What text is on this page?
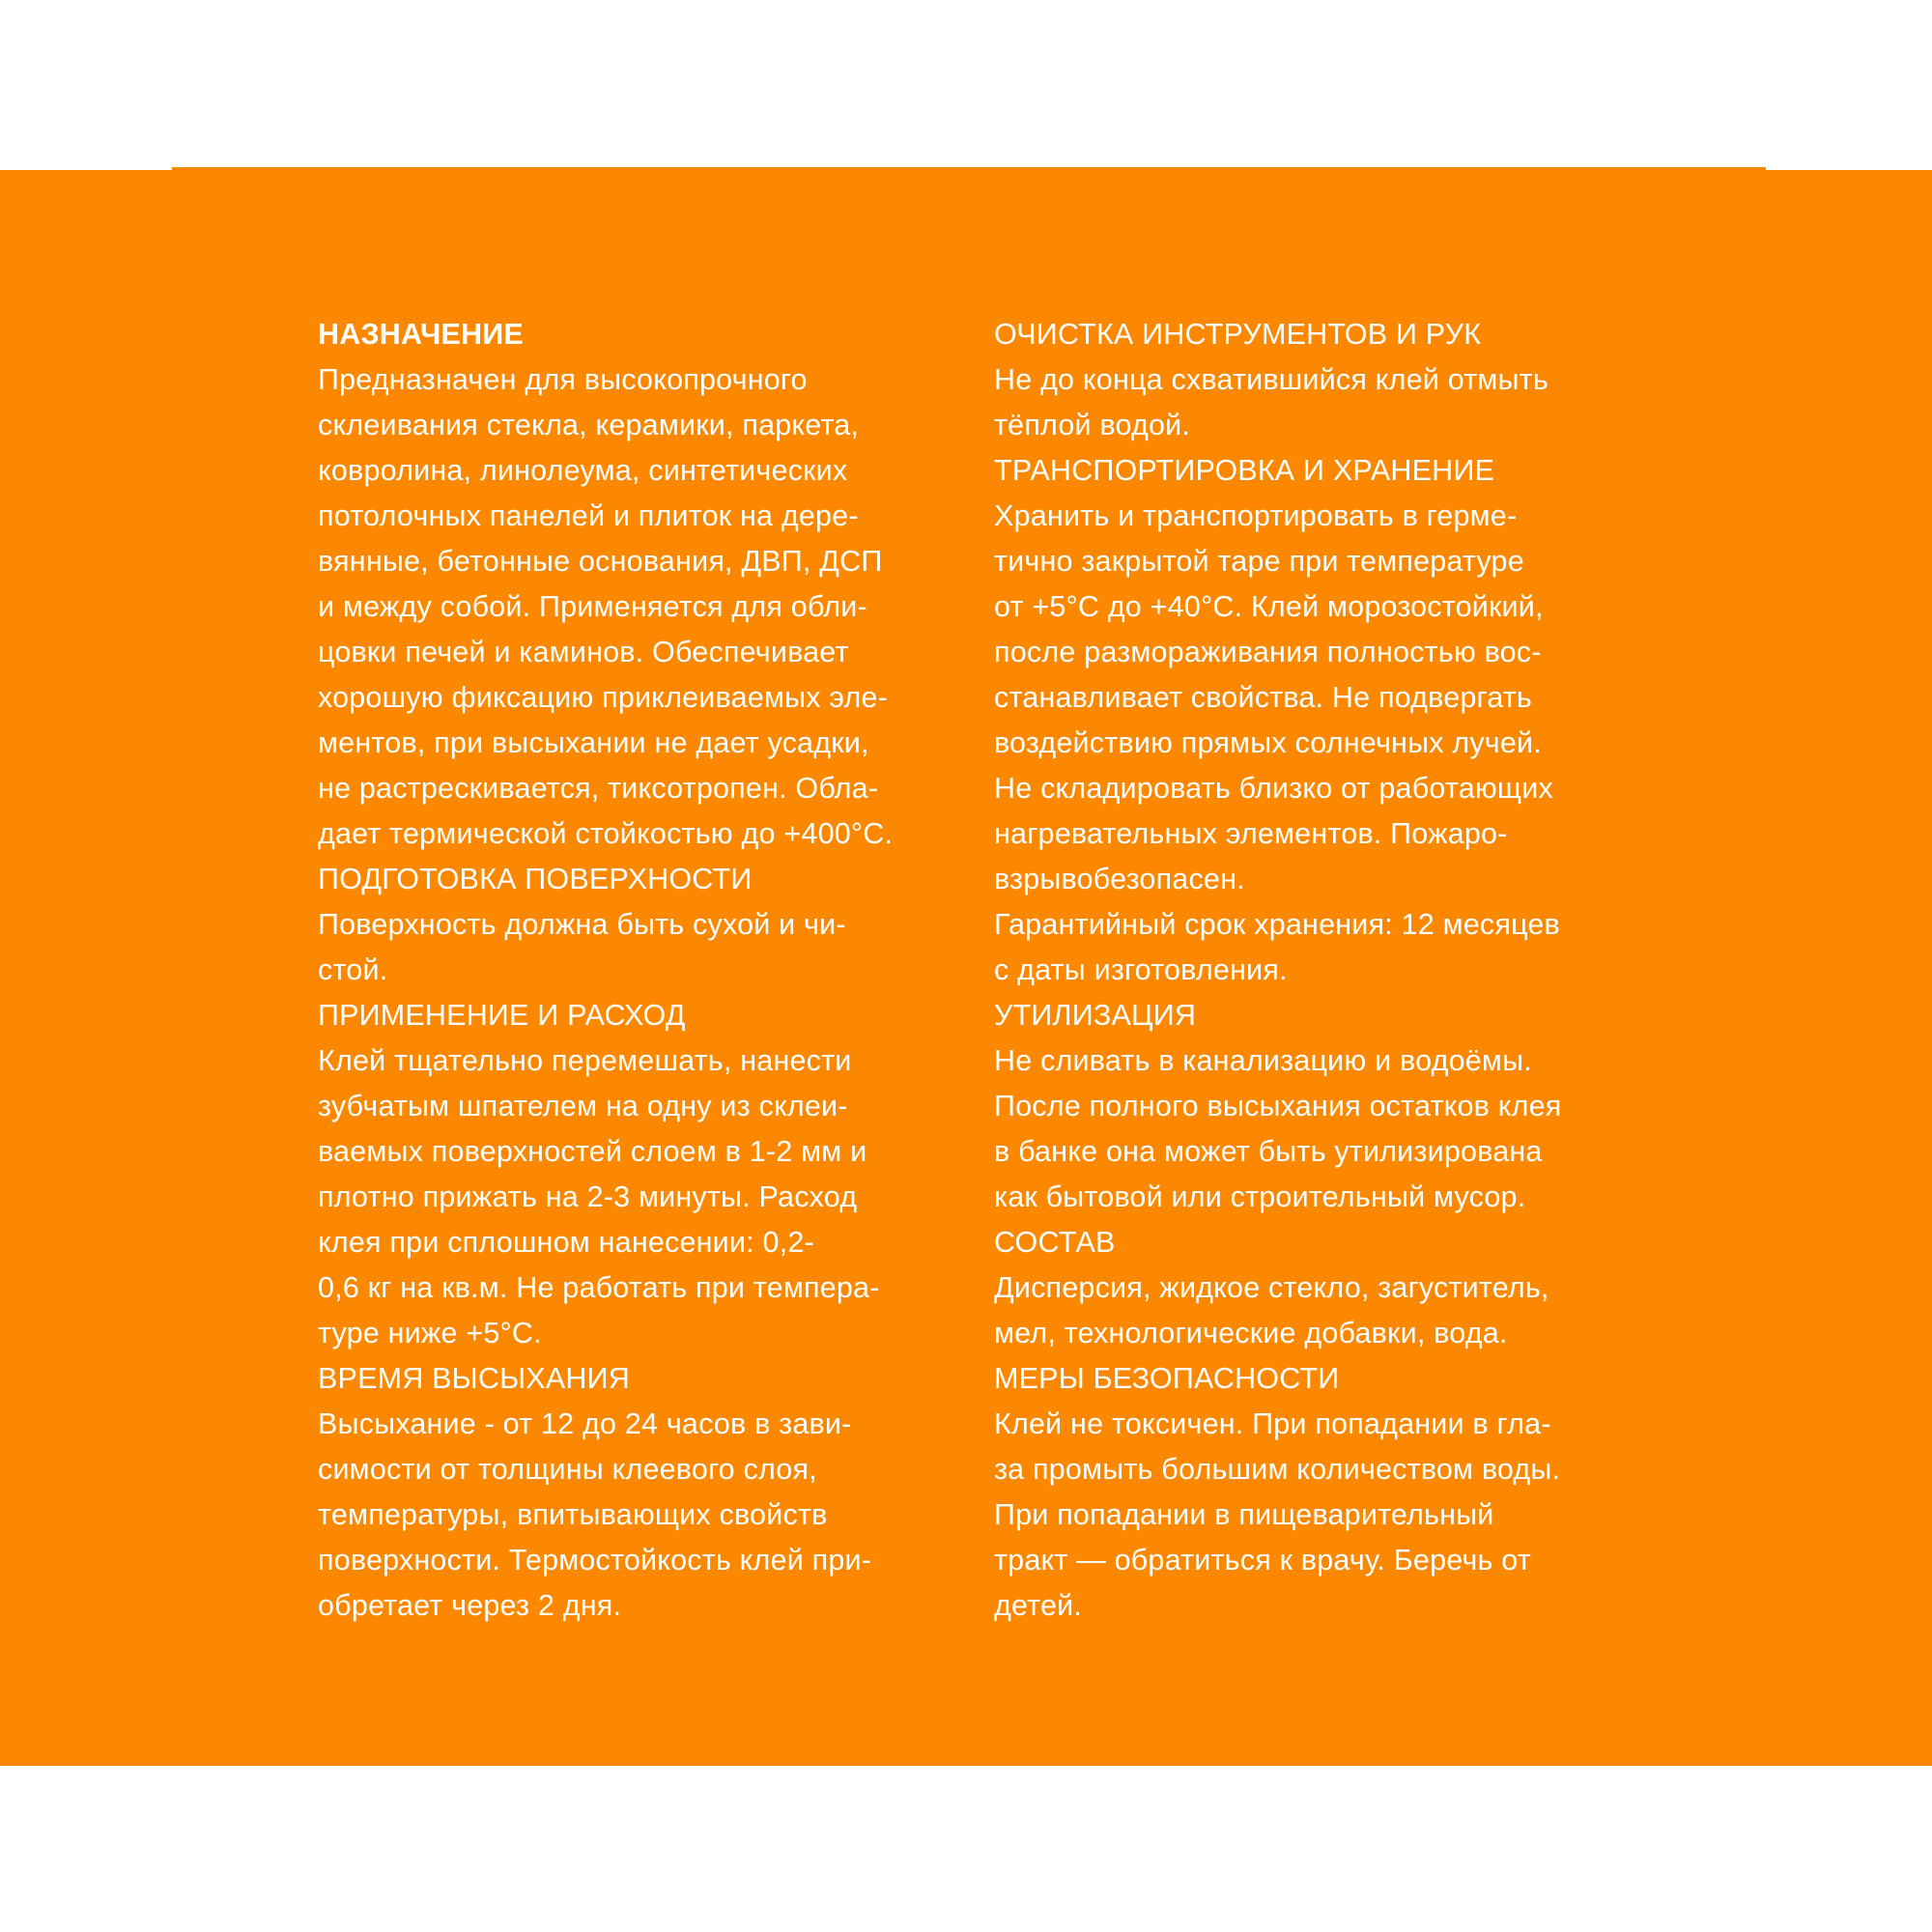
НАЗНАЧЕНИЕ
Предназначен для высокопрочного
склеивания стекла, керамики, паркета,
ковролина, линолеума, синтетических
потолочных панелей и плиток на дере-
вянные, бетонные основания, ДВП, ДСП
и между собой. Применяется для обли-
цовки печей и каминов. Обеспечивает
хорошую фиксацию приклеиваемых эле-
ментов, при высыхании не дает усадки,
не растрескивается, тиксотропен. Обла-
дает термической стойкостью до +400°С.
ПОДГОТОВКА ПОВЕРХНОСТИ
Поверхность должна быть сухой и чи-
стой.
ПРИМЕНЕНИЕ И РАСХОД
Клей тщательно перемешать, нанести
зубчатым шпателем на одну из склеи-
ваемых поверхностей слоем в 1-2 мм и
плотно прижать на 2-3 минуты. Расход
клея при сплошном нанесении: 0,2-
0,6 кг на кв.м. Не работать при темпера-
туре ниже +5°С.
ВРЕМЯ ВЫСЫХАНИЯ
Высыхание - от 12 до 24 часов в зави-
симости от толщины клеевого слоя,
температуры, впитывающих свойств
поверхности. Термостойкость клей при-
обретает через 2 дня.
ОЧИСТКА ИНСТРУМЕНТОВ И РУК
Не до конца схватившийся клей отмыть
тёплой водой.
ТРАНСПОРТИРОВКА И ХРАНЕНИЕ
Хранить и транспортировать в герме-
тично закрытой таре при температуре
от +5°С до +40°С. Клей морозостойкий,
после размораживания полностью вос-
станавливает свойства. Не подвергать
воздействию прямых солнечных лучей.
Не складировать близко от работающих
нагревательных элементов. Пожаро-
взрывобезопасен.
Гарантийный срок хранения: 12 месяцев
с даты изготовления.
УТИЛИЗАЦИЯ
Не сливать в канализацию и водоёмы.
После полного высыхания остатков клея
в банке она может быть утилизирована
как бытовой или строительный мусор.
СОСТАВ
Дисперсия, жидкое стекло, загуститель,
мел, технологические добавки, вода.
МЕРЫ БЕЗОПАСНОСТИ
Клей не токсичен. При попадании в гла-
за промыть большим количеством воды.
При попадании в пищеварительный
тракт — обратиться к врачу. Беречь от
детей.
